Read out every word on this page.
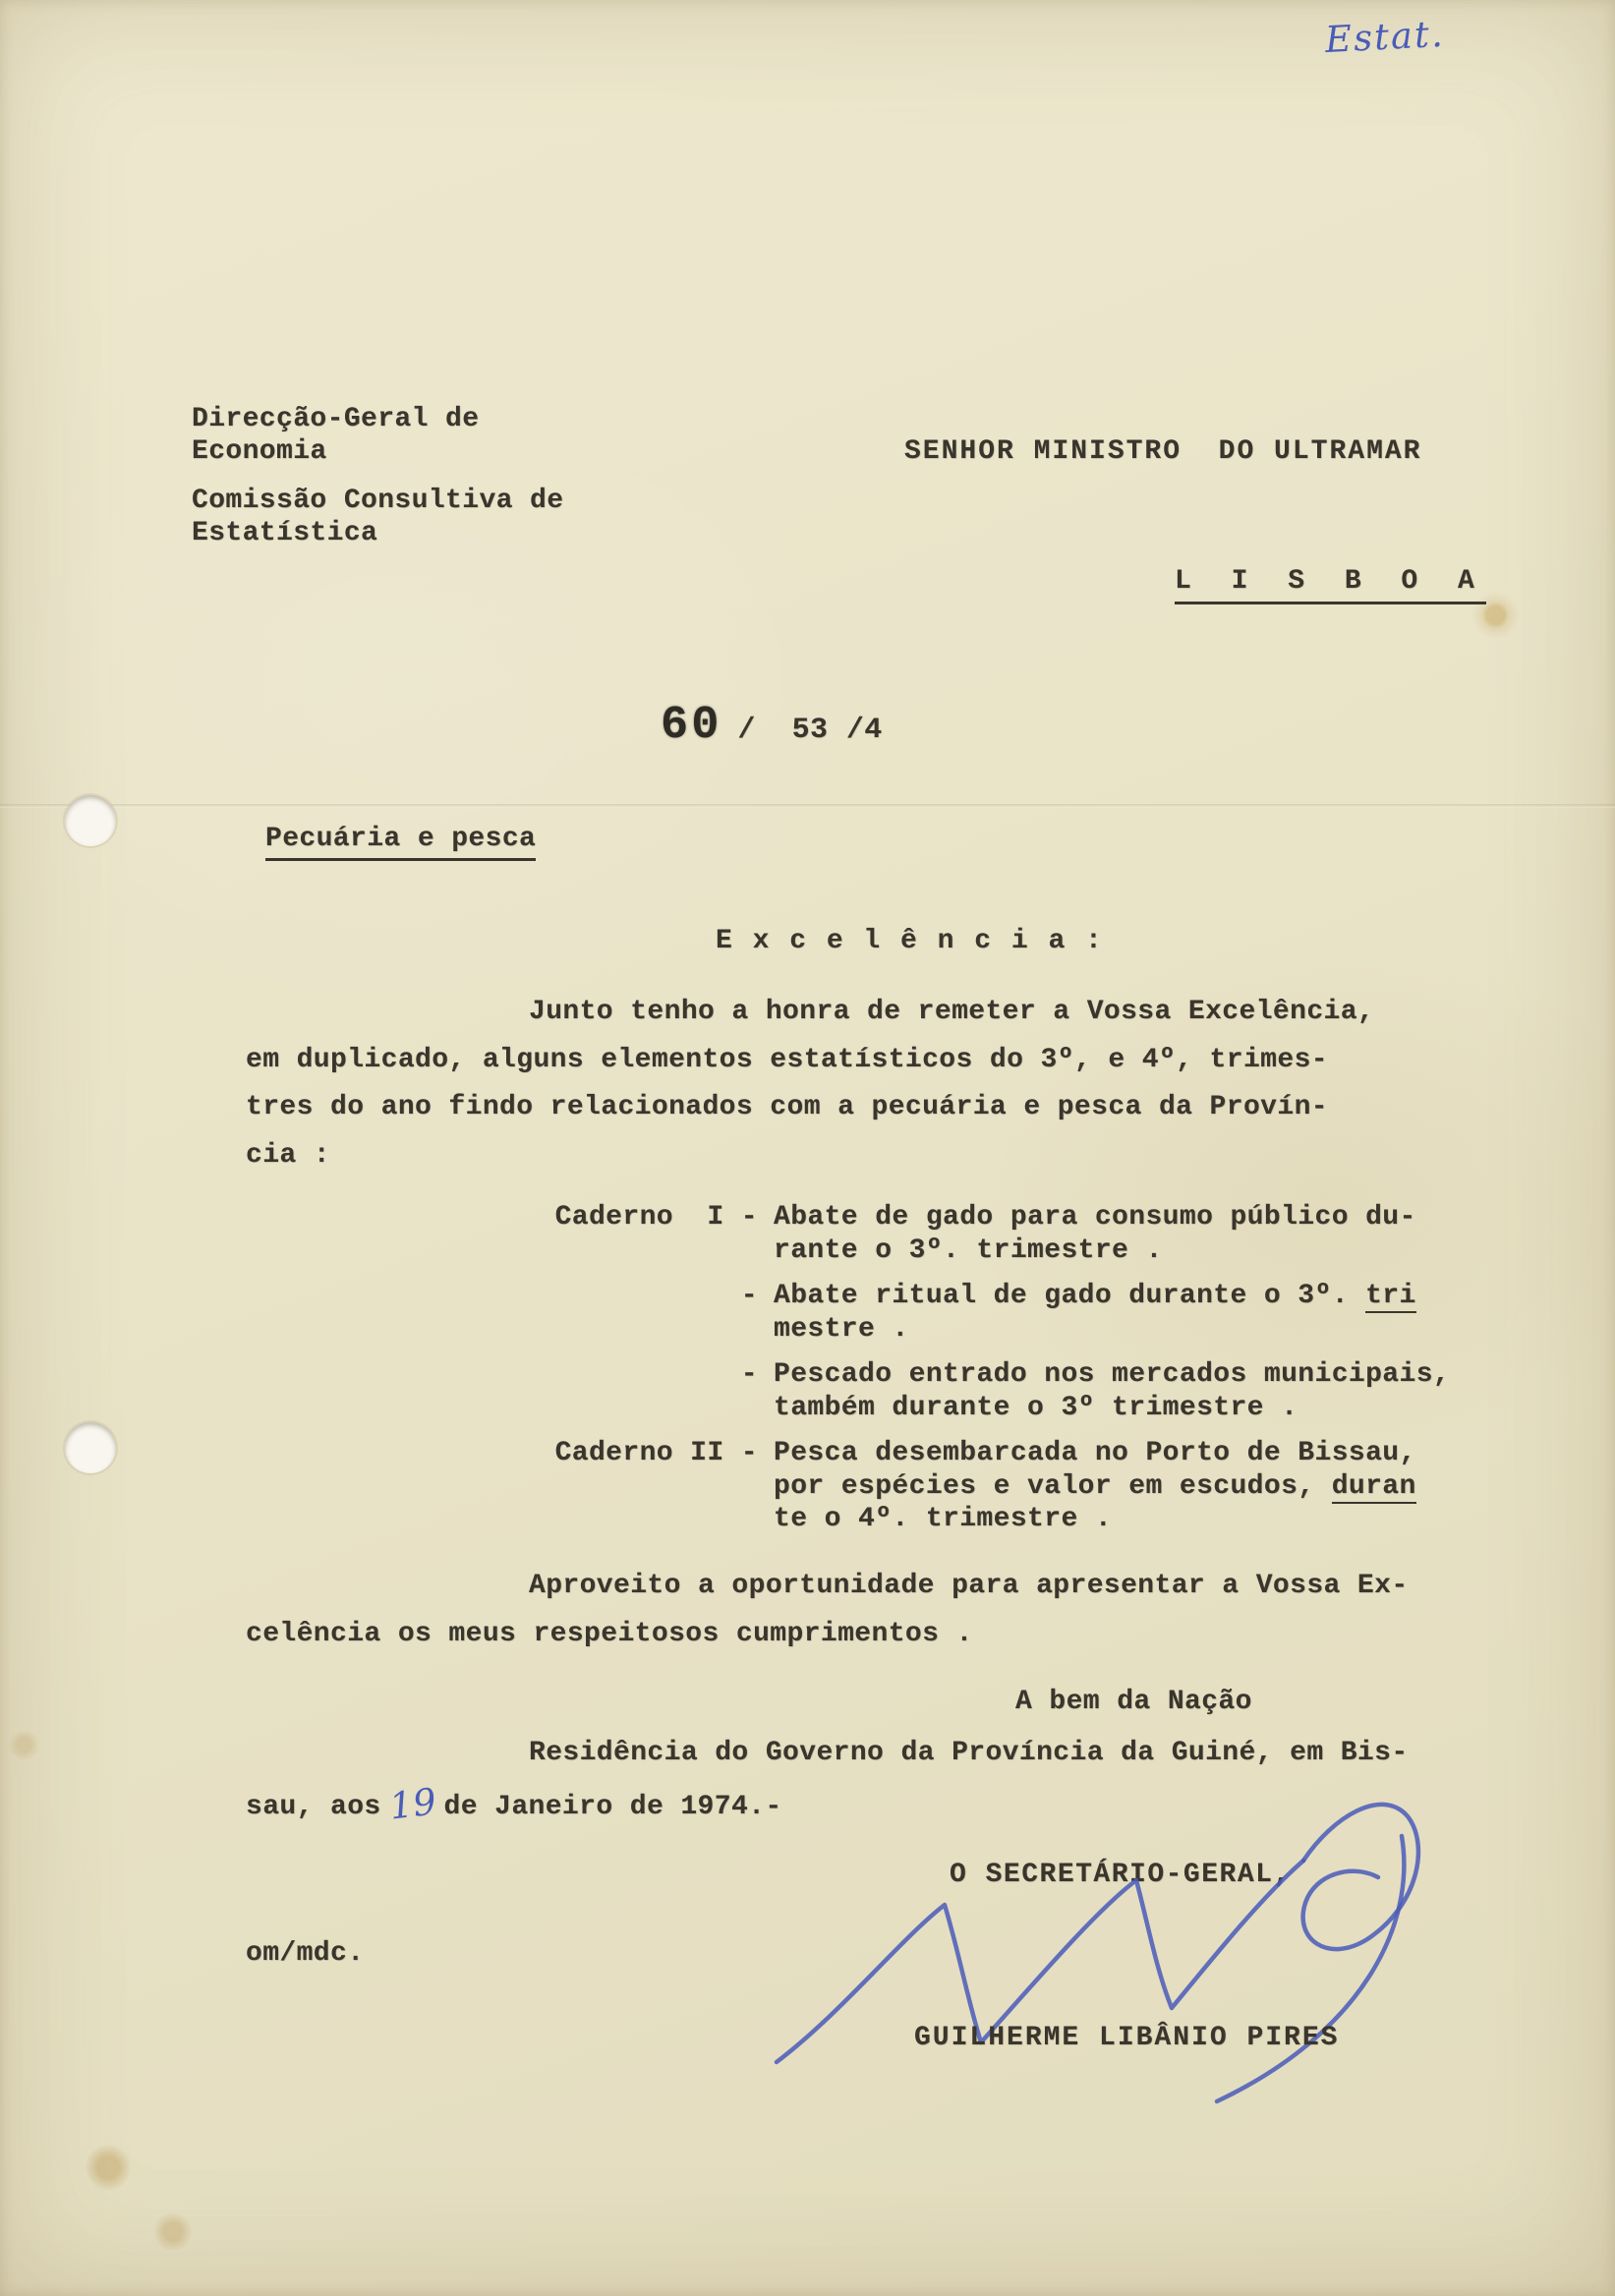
Estat.
Direcção-Geral de
Economia
Comissão Consultiva de
Estatística
SENHOR MINISTRO  DO ULTRAMAR
L I S B O A
60 /  53 /4
Pecuária e pesca
E x c e l ê n c i a :
Junto tenho a honra de remeter a Vossa Excelência,
em duplicado, alguns elementos estatísticos do 3º, e 4º, trimes-
tres do ano findo relacionados com a pecuária e pesca da Provín-
cia :
Caderno  I - Abate de gado para consumo público du-
rante o 3º. trimestre .
- Abate ritual de gado durante o 3º. tri
mestre .
- Pescado entrado nos mercados municipais,
também durante o 3º trimestre .
Caderno II - Pesca desembarcada no Porto de Bissau,
por espécies e valor em escudos, duran
te o 4º. trimestre .
Aproveito a oportunidade para apresentar a Vossa Ex-
celência os meus respeitosos cumprimentos .
A bem da Nação
Residência do Governo da Província da Guiné, em Bis-
sau, aos 19 de Janeiro de 1974.-
O SECRETÁRIO-GERAL,
om/mdc.
GUILHERME LIBÂNIO PIRES
